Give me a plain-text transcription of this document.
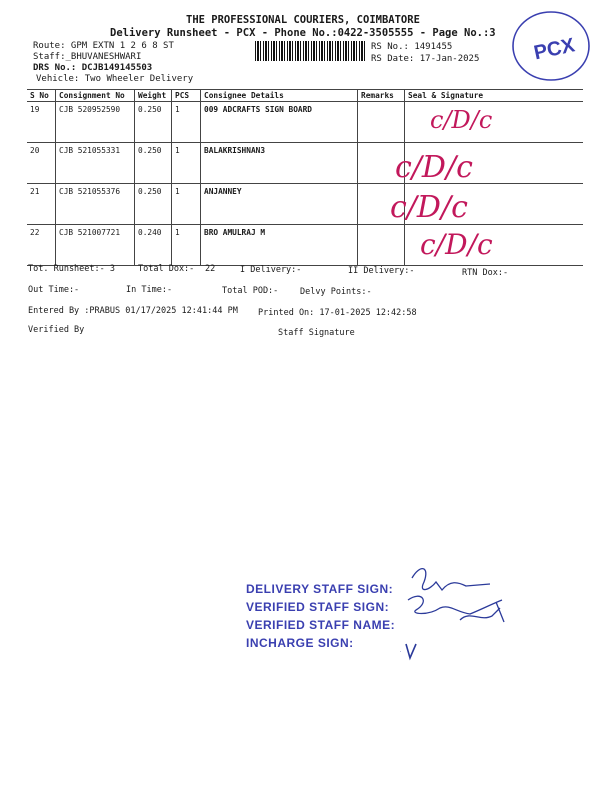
THE PROFESSIONAL COURIERS, COIMBATORE
Delivery Runsheet - PCX - Phone No.:0422-3505555 - Page No.:3
Route: GPM EXTN 1 2 6 8 ST
Staff:_BHUVANESHWARI
DRS No.: DCJB149145503
Vehicle: Two Wheeler Delivery
RS No.: 1491455
RS Date: 17-Jan-2025	PCX
S No	Consignment No	Weight	PCS	Consignee Details	Remarks	Seal & Signature
19	CJB 520952590	0.250	1	009 ADCRAFTS SIGN BOARD		
20	CJB 521055331	0.250	1	BALAKRISHNAN3		
21	CJB 521055376	0.250	1	ANJANNEY		
22	CJB 521007721	0.240	1	BRO AMULRAJ M		
c/D/c
c/D/c
c/D/c
c/D/c
Tot. Runsheet:- 3	Total Dox:- 22	I Delivery:-	II Delivery:-	RTN Dox:-
Out Time:-	In Time:-	Total POD:-	Delvy Points:-
Entered By :PRABUS 01/17/2025 12:41:44 PM Printed On: 17-01-2025 12:42:58
Verified By	Staff Signature
DELIVERY STAFF SIGN:
VERIFIED STAFF SIGN:
VERIFIED STAFF NAME:
INCHARGE SIGN:
